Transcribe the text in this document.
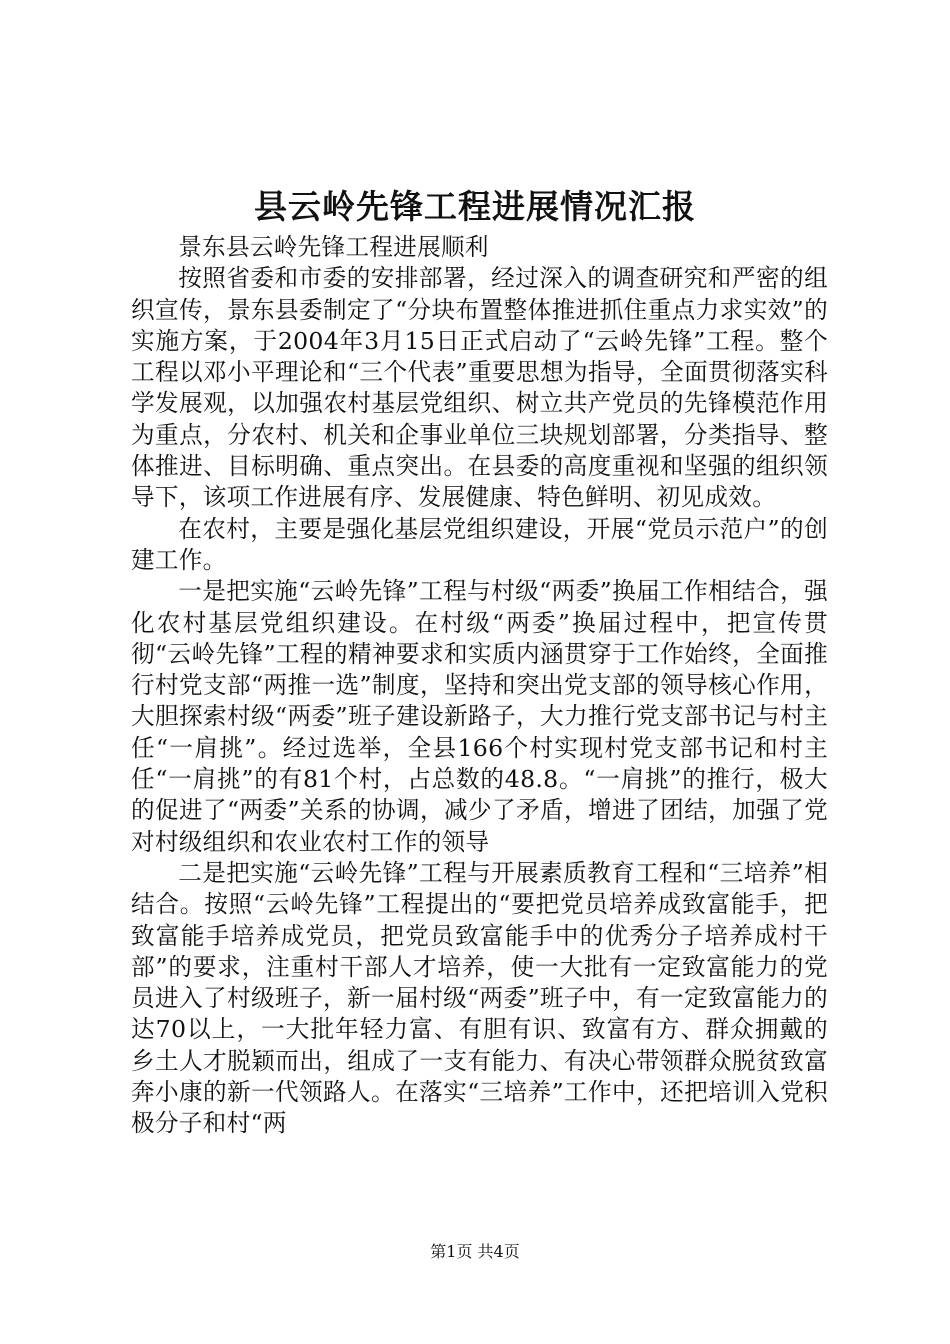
县云岭先锋工程进展情况汇报

景东县云岭先锋工程进展顺利

按照省委和市委的安排部署，经过深入的调查研究和严密的组织宣传，景东县委制定了“分块布置整体推进抓住重点力求实效”的实施方案，于2004年3月15日正式启动了“云岭先锋”工程。整个工程以邓小平理论和“三个代表”重要思想为指导，全面贯彻落实科学发展观，以加强农村基层党组织、树立共产党员的先锋模范作用为重点，分农村、机关和企事业单位三块规划部署，分类指导、整体推进、目标明确、重点突出。在县委的高度重视和坚强的组织领导下，该项工作进展有序、发展健康、特色鲜明、初见成效。

在农村，主要是强化基层党组织建设，开展“党员示范户”的创建工作。

一是把实施“云岭先锋”工程与村级“两委”换届工作相结合，强化农村基层党组织建设。在村级“两委”换届过程中，把宣传贯彻“云岭先锋”工程的精神要求和实质内涵贯穿于工作始终，全面推行村党支部“两推一选”制度，坚持和突出党支部的领导核心作用，大胆探索村级“两委”班子建设新路子，大力推行党支部书记与村主任“一肩挑”。经过选举，全县166个村实现村党支部书记和村主任“一肩挑”的有81个村，占总数的48.8。“一肩挑”的推行，极大的促进了“两委”关系的协调，减少了矛盾，增进了团结，加强了党对村级组织和农业农村工作的领导

二是把实施“云岭先锋”工程与开展素质教育工程和“三培养”相结合。按照“云岭先锋”工程提出的“要把党员培养成致富能手，把致富能手培养成党员，把党员致富能手中的优秀分子培养成村干部”的要求，注重村干部人才培养，使一大批有一定致富能力的党员进入了村级班子，新一届村级“两委”班子中，有一定致富能力的达70以上，一大批年轻力富、有胆有识、致富有方、群众拥戴的乡土人才脱颖而出，组成了一支有能力、有决心带领群众脱贫致富奔小康的新一代领路人。在落实“三培养”工作中，还把培训入党积极分子和村“两

第1页 共4页
